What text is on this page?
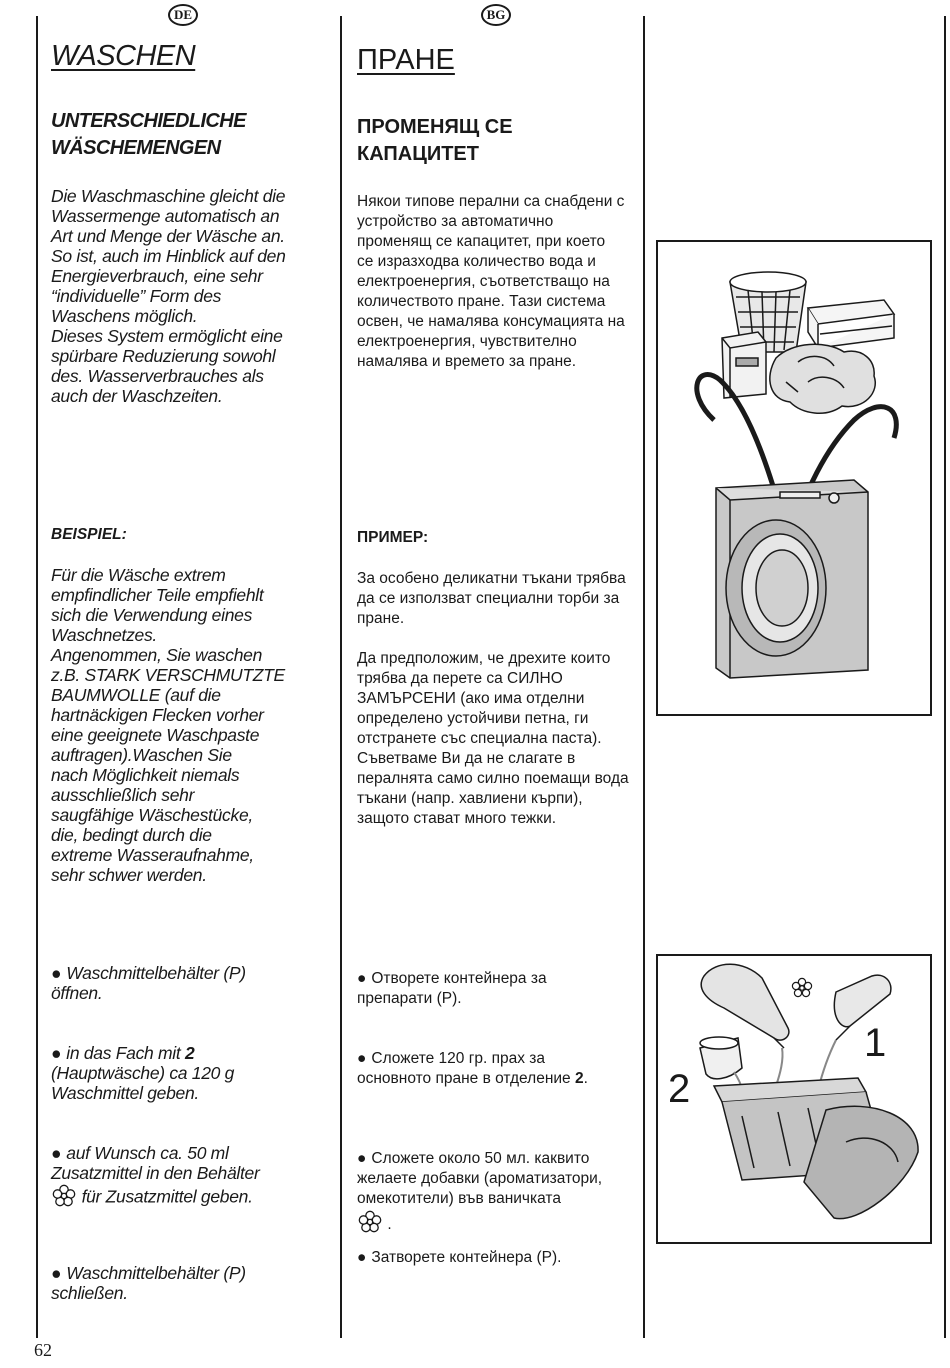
DE	BG
WASCHEN
UNTERSCHIEDLICHE
WÄSCHEMENGEN
Die Waschmaschine gleicht die
Wassermenge automatisch an
Art und Menge der Wäsche an.
So ist, auch im Hinblick auf den
Energieverbrauch, eine sehr
“individuelle” Form des
Waschens möglich.
Dieses System ermöglicht eine
spürbare Reduzierung sowohl
des. Wasserverbrauches als
auch der Waschzeiten.
BEISPIEL:
Für die Wäsche extrem
empfindlicher Teile empfiehlt
sich die Verwendung eines
Waschnetzes.
Angenommen, Sie waschen
z.B. STARK VERSCHMUTZTE
BAUMWOLLE (auf die
hartnäckigen Flecken vorher
eine geeignete Waschpaste
auftragen).Waschen Sie
nach Möglichkeit niemals
ausschließlich sehr
saugfähige Wäschestücke,
die, bedingt durch die
extreme Wasseraufnahme,
sehr schwer werden.
● Waschmittelbehälter (P)
öffnen.
● in das Fach mit 2
(Hauptwäsche) ca 120 g
Waschmittel geben.
● auf Wunsch ca. 50 ml
Zusatzmittel in den Behälter
für Zusatzmittel geben.
● Waschmittelbehälter (P)
schließen.
ПРАНЕ
ПРОМЕНЯЩ СЕ
КАПАЦИТЕТ
Някои типове перални са снабдени с
устройство за автоматично
променящ се капацитет, при което
се изразходва количество вода и
електроенергия, съответстващо на
количеството пране. Тази система
освен, че намалява консумацията на
електроенергия, чувствително
намалява и времето за пране.
ПРИМЕР:
За особено деликатни тъкани трябва
да се използват специални торби за
пране.
Да предположим, че дрехите които
трябва да перете са СИЛНО
ЗАМЪРСЕНИ (ако има отделни
определено устойчиви петна, ги
отстранете със специална паста).
Съветваме Ви да не слагате в
пералнята само силно поемащи вода
тъкани (напр. хавлиени кърпи),
защото стават много тежки.
● Отворете контейнера за
препарати (P).
● Сложете 120 гр. прах за
основното пране в отделение 2.
● Сложете около 50 мл. каквито
желаете добавки (ароматизатори,
омекотители) във ваничката
.
● Затворете контейнера (P).
1
2
62
